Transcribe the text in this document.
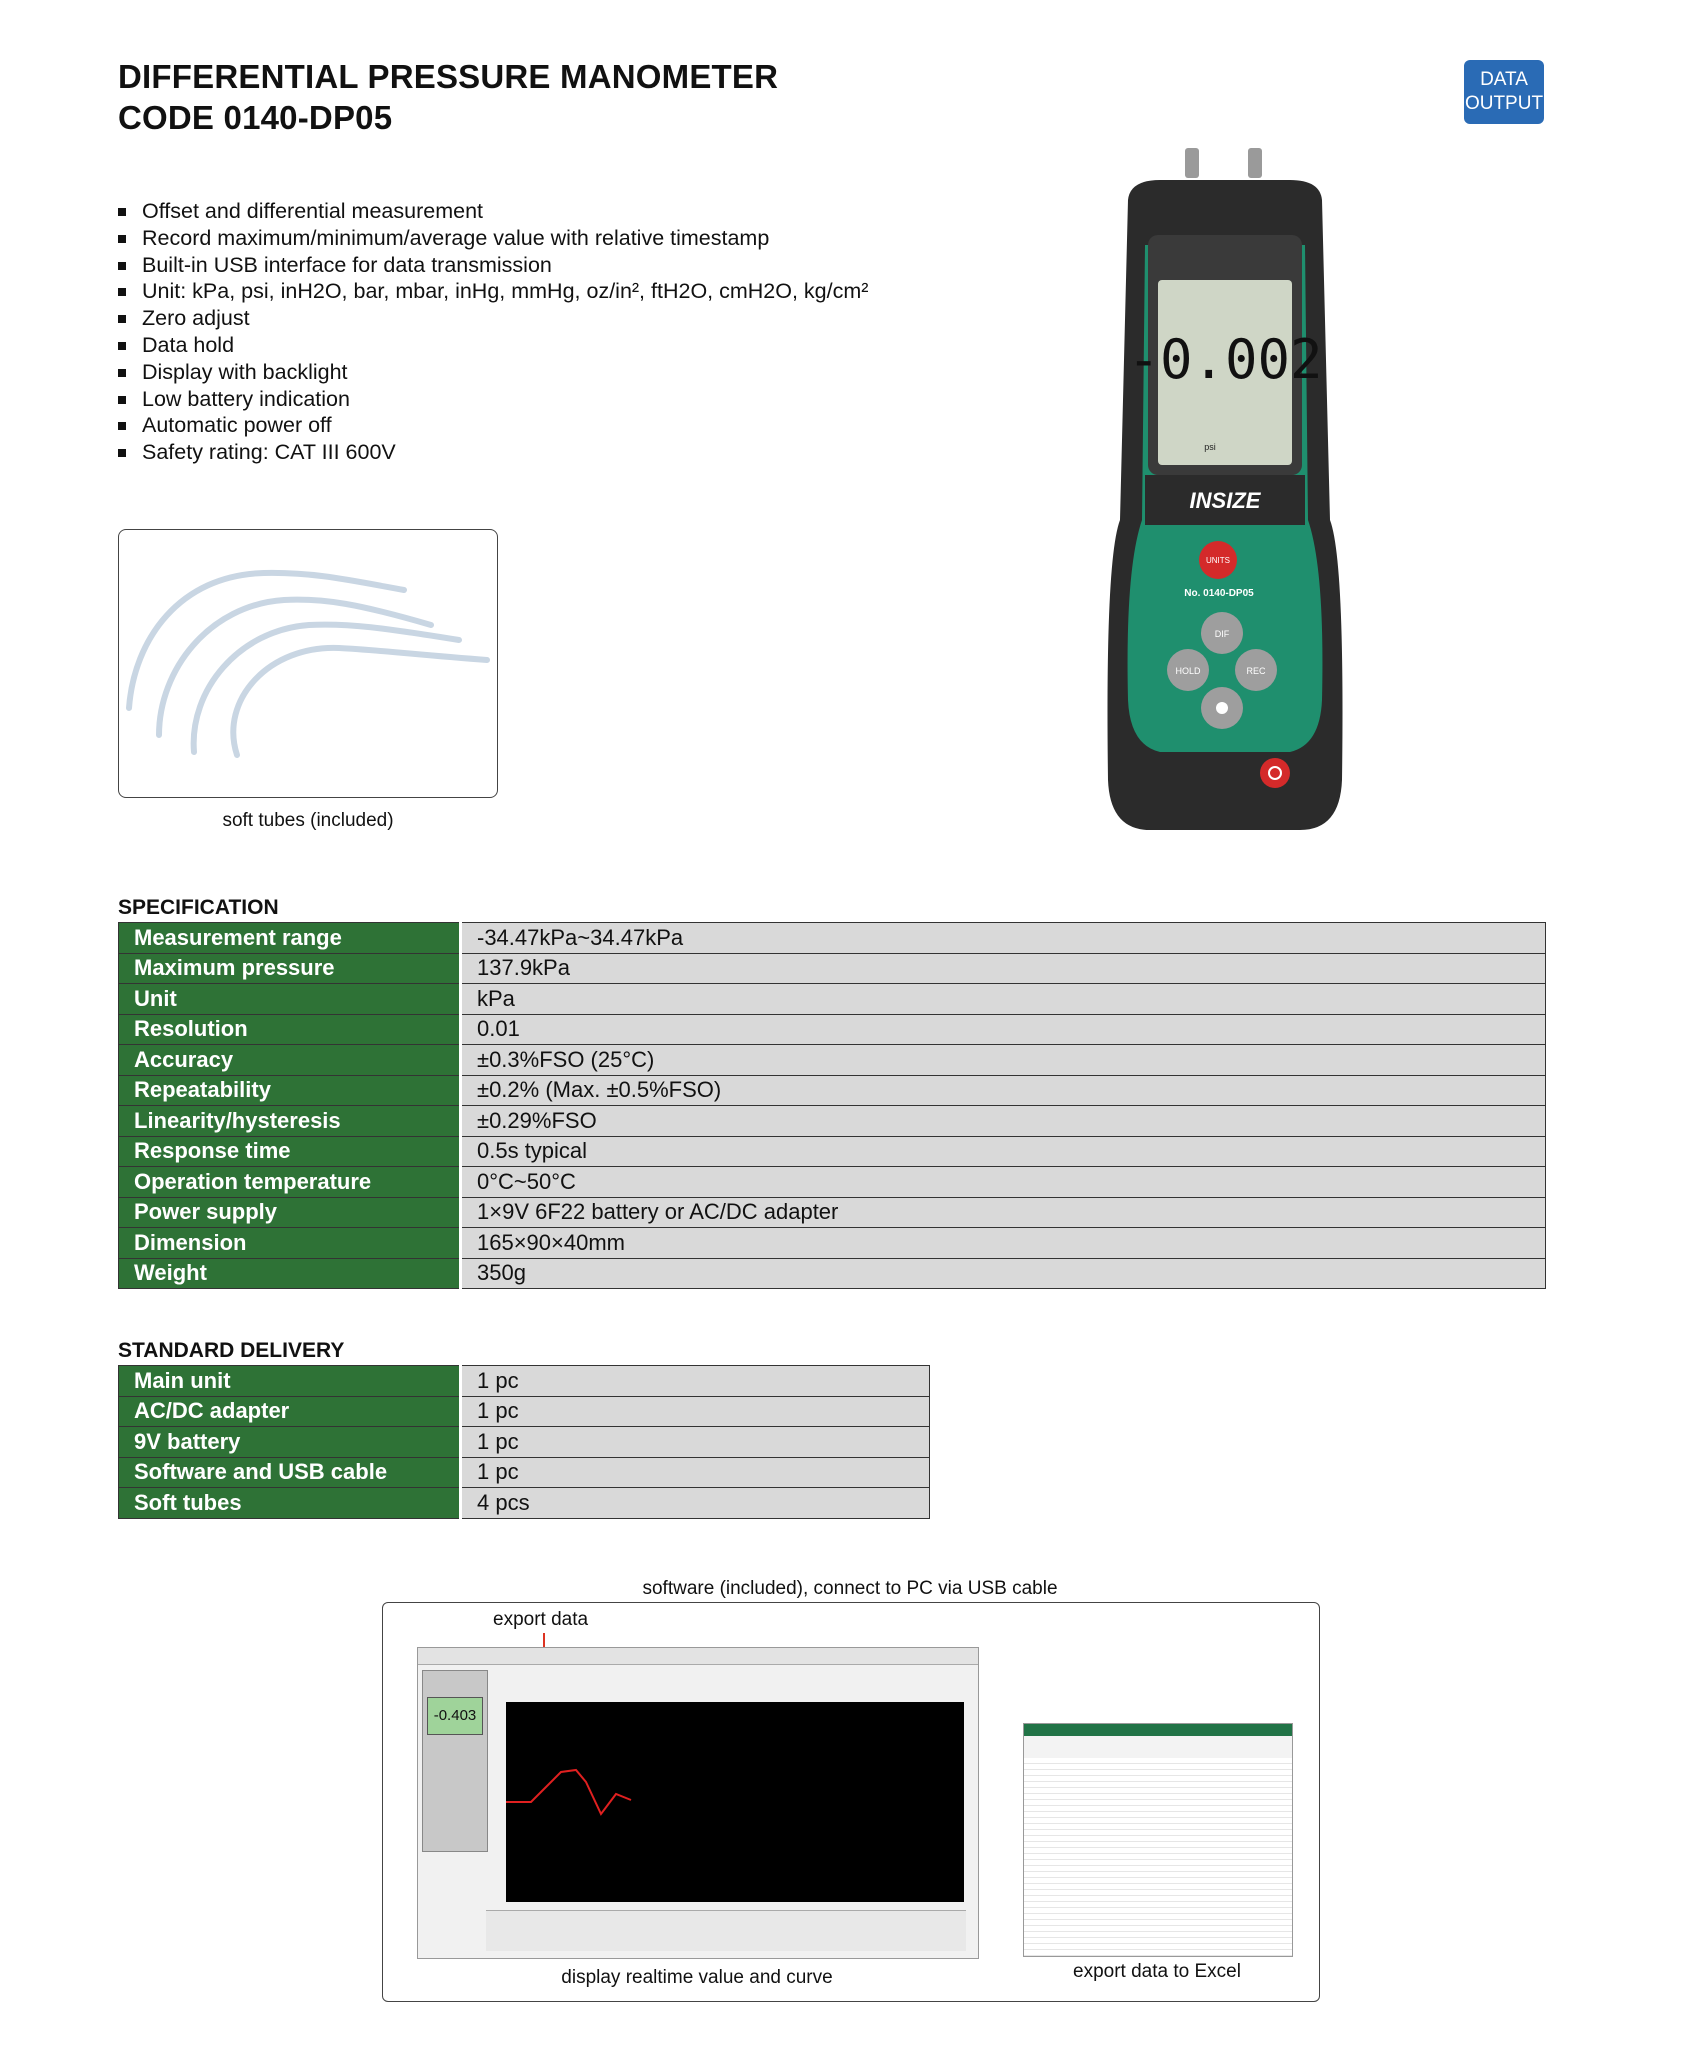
DIFFERENTIAL PRESSURE MANOMETER
CODE 0140-DP05
DATA
OUTPUT
Offset and differential measurement
Record maximum/minimum/average value with relative timestamp
Built-in USB interface for data transmission
Unit: kPa, psi, inH2O, bar, mbar, inHg, mmHg, oz/in², ftH2O, cmH2O, kg/cm²
Zero adjust
Data hold
Display with backlight
Low battery indication
Automatic power off
Safety rating: CAT III 600V
soft tubes (included)
-0.002
psi
INSIZE
UNITS
No. 0140-DP05
DIF
HOLD	REC
SPECIFICATION
Measurement range	-34.47kPa~34.47kPa
Maximum pressure	137.9kPa
Unit	kPa
Resolution	0.01
Accuracy	±0.3%FSO (25°C)
Repeatability	±0.2% (Max. ±0.5%FSO)
Linearity/hysteresis	±0.29%FSO
Response time	0.5s typical
Operation temperature	0°C~50°C
Power supply	1×9V 6F22 battery or AC/DC adapter
Dimension	165×90×40mm
Weight	350g
STANDARD DELIVERY
Main unit	1 pc
AC/DC adapter	1 pc
9V battery	1 pc
Software and USB cable	1 pc
Soft tubes	4 pcs
software (included), connect to PC via USB cable
export data
-0.403
display realtime value and curve	export data to Excel
